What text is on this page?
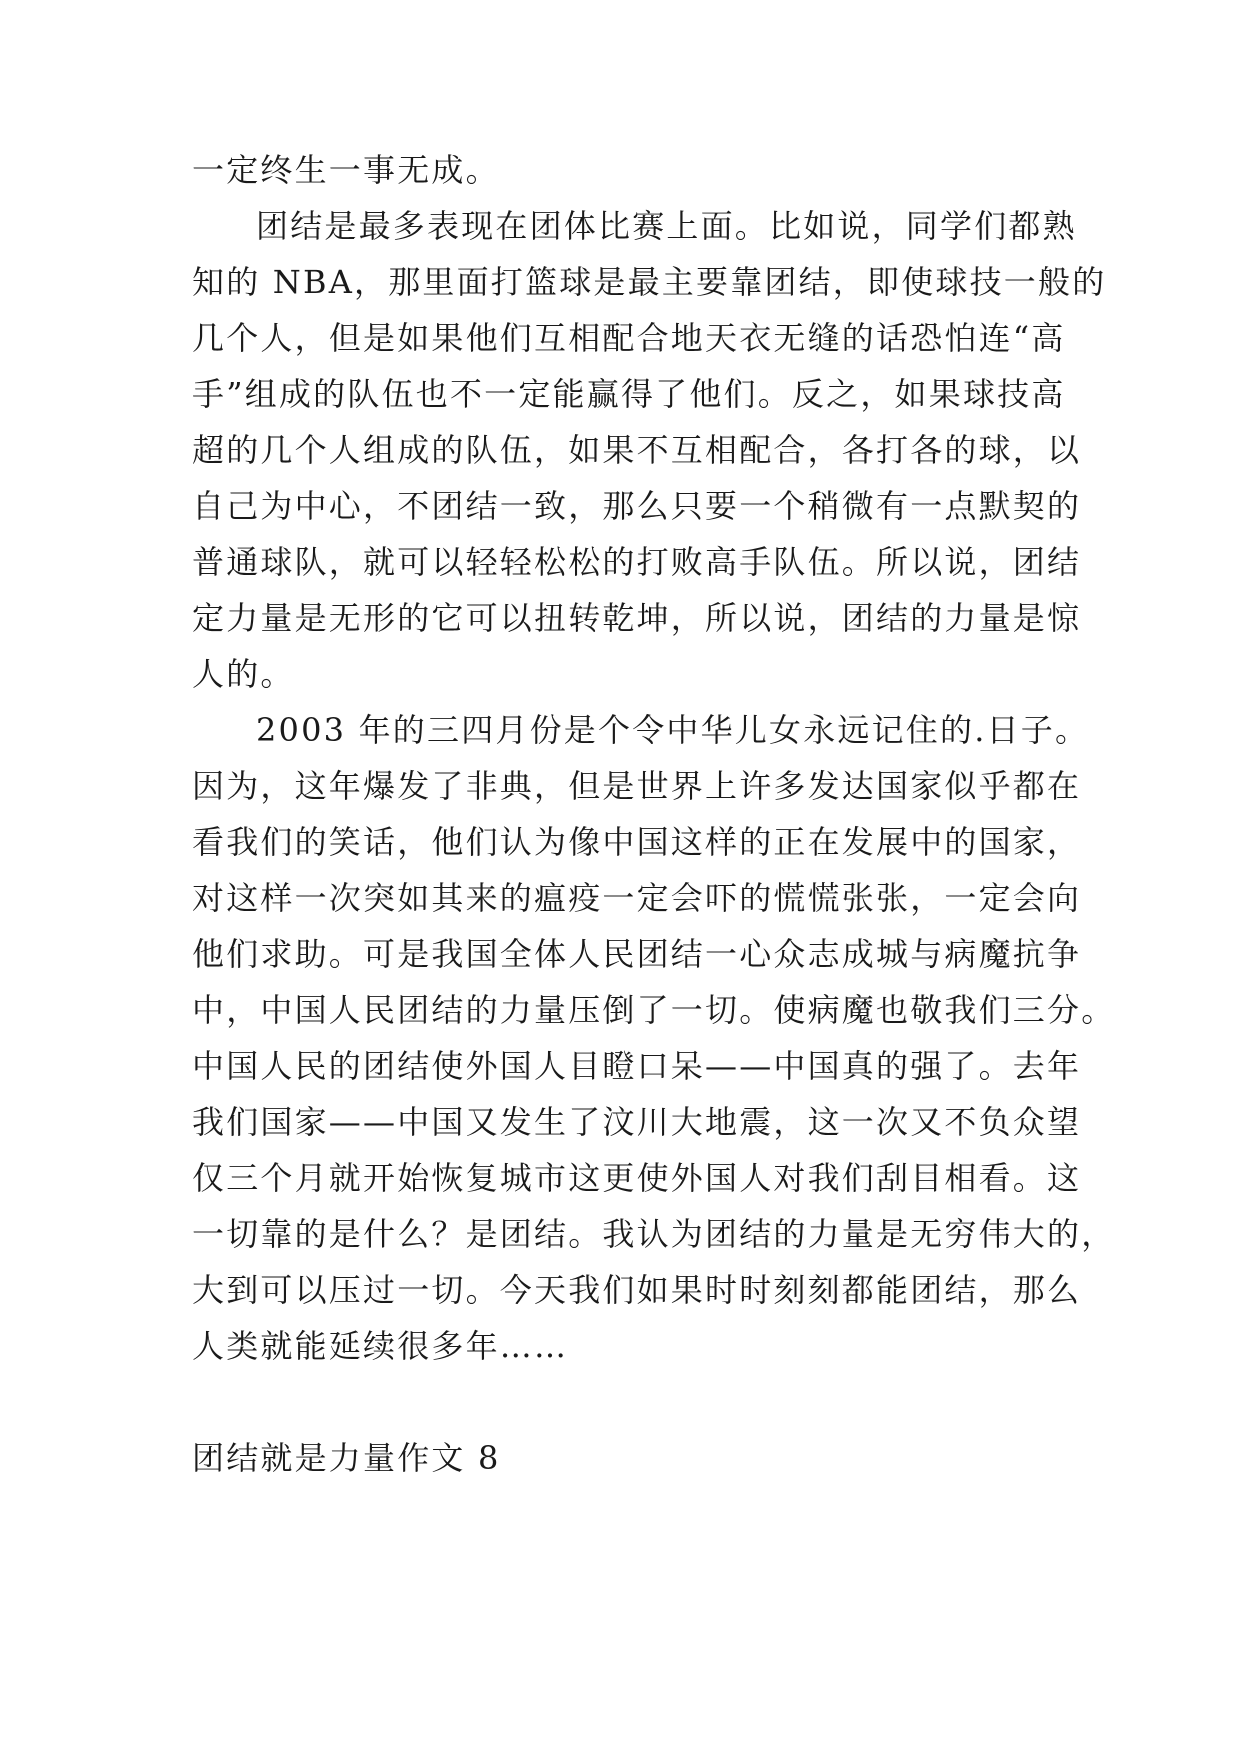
一定终生一事无成。
团结是最多表现在团体比赛上面。比如说，同学们都熟
知的 NBA，那里面打篮球是最主要靠团结，即使球技一般的
几个人，但是如果他们互相配合地天衣无缝的话恐怕连“高
手”组成的队伍也不一定能赢得了他们。反之，如果球技高
超的几个人组成的队伍，如果不互相配合，各打各的球，以
自己为中心，不团结一致，那么只要一个稍微有一点默契的
普通球队，就可以轻轻松松的打败高手队伍。所以说，团结
定力量是无形的它可以扭转乾坤，所以说，团结的力量是惊
人的。
2003 年的三四月份是个令中华儿女永远记住的.日子。
因为，这年爆发了非典，但是世界上许多发达国家似乎都在
看我们的笑话，他们认为像中国这样的正在发展中的国家，
对这样一次突如其来的瘟疫一定会吓的慌慌张张，一定会向
他们求助。可是我国全体人民团结一心众志成城与病魔抗争
中，中国人民团结的力量压倒了一切。使病魔也敬我们三分。
中国人民的团结使外国人目瞪口呆——中国真的强了。去年
我们国家——中国又发生了汶川大地震，这一次又不负众望
仅三个月就开始恢复城市这更使外国人对我们刮目相看。这
一切靠的是什么？是团结。我认为团结的力量是无穷伟大的，
大到可以压过一切。今天我们如果时时刻刻都能团结，那么
人类就能延续很多年……
团结就是力量作文 8
